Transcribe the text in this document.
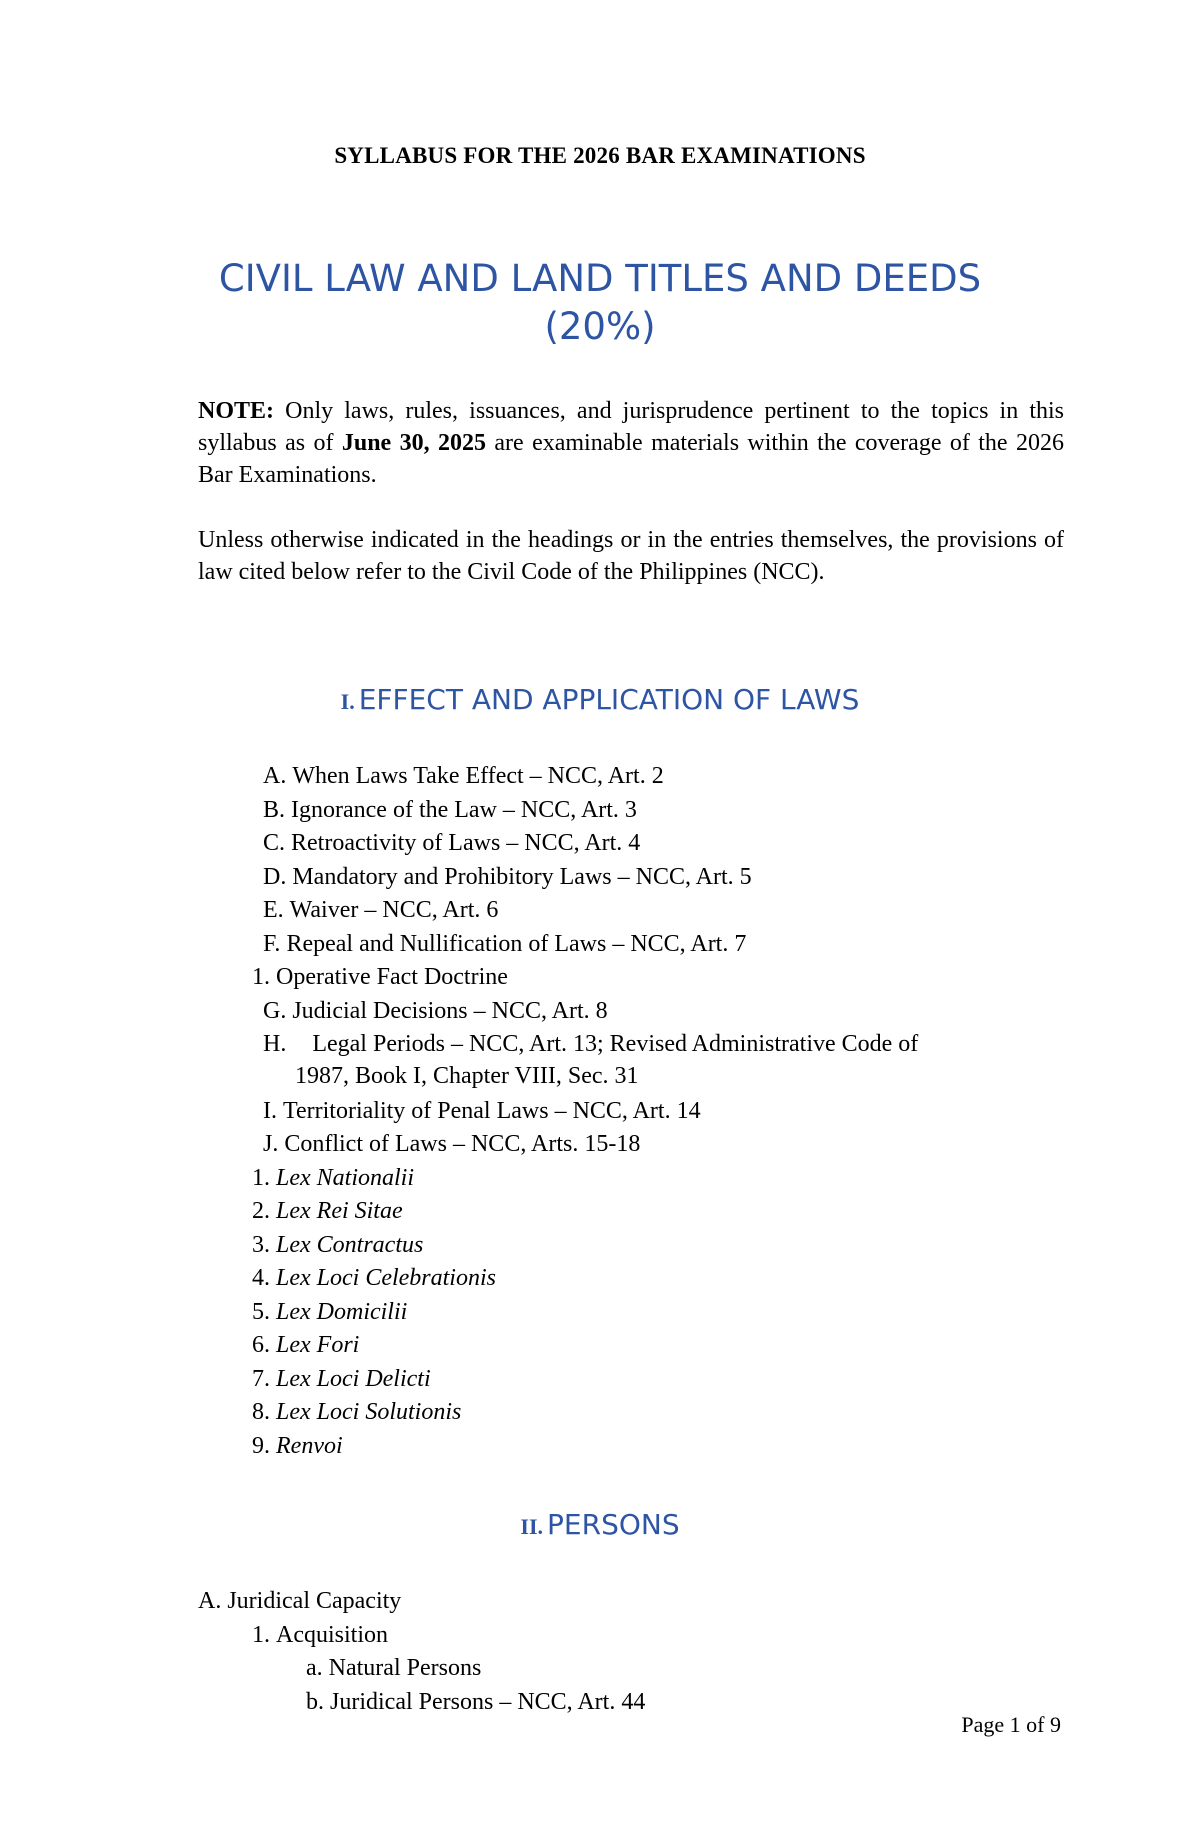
SYLLABUS FOR THE 2026 BAR EXAMINATIONS
CIVIL LAW AND LAND TITLES AND DEEDS
(20%)

NOTE: Only laws, rules, issuances, and jurisprudence pertinent to the topics in this syllabus as of June 30, 2025 are examinable materials within the coverage of the 2026 Bar Examinations.

Unless otherwise indicated in the headings or in the entries themselves, the provisions of law cited below refer to the Civil Code of the Philippines (NCC).

I. EFFECT AND APPLICATION OF LAWS
A. When Laws Take Effect – NCC, Art. 2
B. Ignorance of the Law – NCC, Art. 3
C. Retroactivity of Laws – NCC, Art. 4
D. Mandatory and Prohibitory Laws – NCC, Art. 5
E. Waiver – NCC, Art. 6
F. Repeal and Nullification of Laws – NCC, Art. 7
1. Operative Fact Doctrine
G. Judicial Decisions – NCC, Art. 8
H. Legal Periods – NCC, Art. 13; Revised Administrative Code of
1987, Book I, Chapter VIII, Sec. 31
I. Territoriality of Penal Laws – NCC, Art. 14
J. Conflict of Laws – NCC, Arts. 15-18
1. Lex Nationalii
2. Lex Rei Sitae
3. Lex Contractus
4. Lex Loci Celebrationis
5. Lex Domicilii
6. Lex Fori
7. Lex Loci Delicti
8. Lex Loci Solutionis
9. Renvoi
II. PERSONS
A. Juridical Capacity
1. Acquisition
a. Natural Persons
b. Juridical Persons – NCC, Art. 44
Page 1 of 9
